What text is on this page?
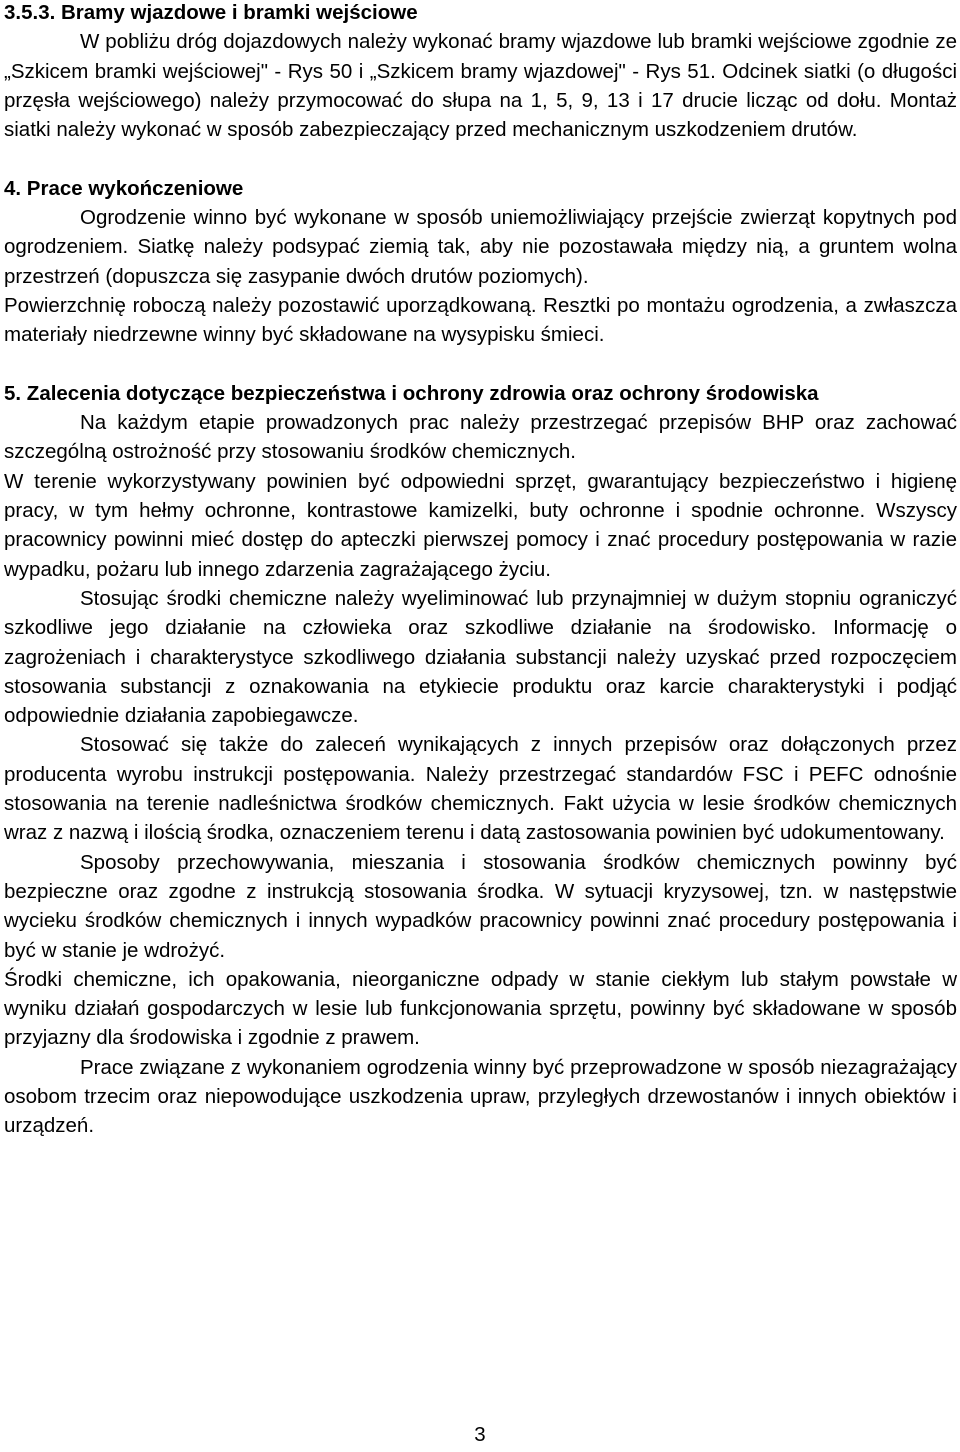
3.5.3. Bramy wjazdowe i bramki wejściowe

W pobliżu dróg dojazdowych należy wykonać bramy wjazdowe lub bramki wejściowe zgodnie ze „Szkicem bramki wejściowej" - Rys 50 i „Szkicem bramy wjazdowej" - Rys 51. Odcinek siatki (o długości przęsła wejściowego) należy przymocować do słupa na 1, 5, 9, 13 i 17 drucie licząc od dołu. Montaż siatki należy wykonać w sposób zabezpieczający przed mechanicznym uszkodzeniem drutów.

4. Prace wykończeniowe

Ogrodzenie winno być wykonane w sposób uniemożliwiający przejście zwierząt kopytnych pod ogrodzeniem. Siatkę należy podsypać ziemią tak, aby nie pozostawała między nią, a gruntem wolna przestrzeń (dopuszcza się zasypanie dwóch drutów poziomych).

Powierzchnię roboczą należy pozostawić uporządkowaną. Resztki po montażu ogrodzenia, a zwłaszcza materiały niedrzewne winny być składowane na wysypisku śmieci.

5. Zalecenia dotyczące bezpieczeństwa i ochrony zdrowia oraz ochrony środowiska

Na każdym etapie prowadzonych prac należy przestrzegać przepisów BHP oraz zachować szczególną ostrożność przy stosowaniu środków chemicznych.

W terenie wykorzystywany powinien być odpowiedni sprzęt, gwarantujący bezpieczeństwo i higienę pracy, w tym hełmy ochronne, kontrastowe kamizelki, buty ochronne i spodnie ochronne. Wszyscy pracownicy powinni mieć dostęp do apteczki pierwszej pomocy i znać procedury postępowania w razie wypadku, pożaru lub innego zdarzenia zagrażającego życiu.

Stosując środki chemiczne należy wyeliminować lub przynajmniej w dużym stopniu ograniczyć szkodliwe jego działanie na człowieka oraz szkodliwe działanie na środowisko. Informację o zagrożeniach i charakterystyce szkodliwego działania substancji należy uzyskać przed rozpoczęciem stosowania substancji z oznakowania na etykiecie produktu oraz karcie charakterystyki i podjąć odpowiednie działania zapobiegawcze.

Stosować się także do zaleceń wynikających z innych przepisów oraz dołączonych przez producenta wyrobu instrukcji postępowania. Należy przestrzegać standardów FSC i PEFC odnośnie stosowania na terenie nadleśnictwa środków chemicznych. Fakt użycia w lesie środków chemicznych wraz z nazwą i ilością środka, oznaczeniem terenu i datą zastosowania powinien być udokumentowany.

Sposoby przechowywania, mieszania i stosowania środków chemicznych powinny być bezpieczne oraz zgodne z instrukcją stosowania środka. W sytuacji kryzysowej, tzn. w następstwie wycieku środków chemicznych i innych wypadków pracownicy powinni znać procedury postępowania i być w stanie je wdrożyć.

Środki chemiczne, ich opakowania, nieorganiczne odpady w stanie ciekłym lub stałym powstałe w wyniku działań gospodarczych w lesie lub funkcjonowania sprzętu, powinny być składowane w sposób przyjazny dla środowiska i zgodnie z prawem.

Prace związane z wykonaniem ogrodzenia winny być przeprowadzone w sposób niezagrażający osobom trzecim oraz niepowodujące uszkodzenia upraw, przyległych drzewostanów i innych obiektów i urządzeń.

3
